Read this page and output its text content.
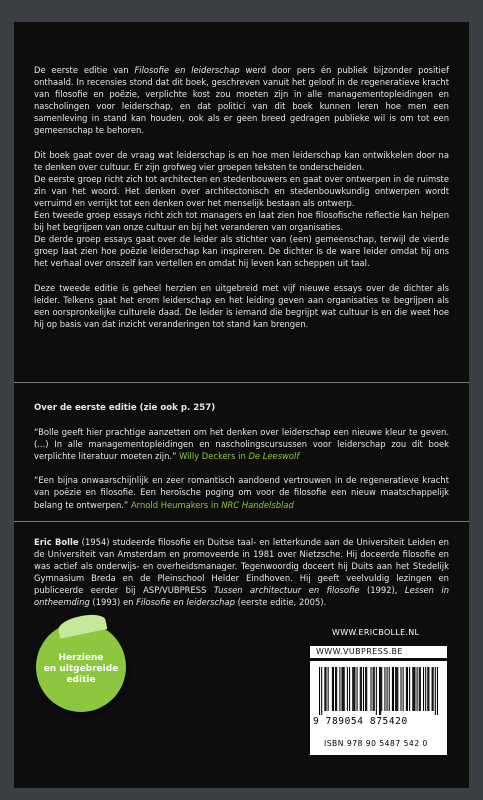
De eerste editie van Filosofie en leiderschap werd door pers én publiek bijzonder positief onthaald. In recensies stond dat dit boek, geschreven vanuit het geloof in de regeneratieve kracht van filosofie en poëzie, verplichte kost zou moeten zijn in alle managementopleidingen en nascholingen voor leiderschap, en dat politici van dit boek kunnen leren hoe men een samenleving in stand kan houden, ook als er geen breed gedragen publieke wil is om tot een gemeenschap te behoren.

Dit boek gaat over de vraag wat leiderschap is en hoe men leiderschap kan ontwikkelen door na te denken over cultuur. Er zijn grofweg vier groepen teksten te onderscheiden.

De eerste groep richt zich tot architecten en stedenbouwers en gaat over ontwerpen in de ruimste zin van het woord. Het denken over architectonisch en stedenbouwkundig ontwerpen wordt verruimd en verrijkt tot een denken over het menselijk bestaan als ontwerp.

Een tweede groep essays richt zich tot managers en laat zien hoe filosofische reflectie kan helpen bij het begrijpen van onze cultuur en bij het veranderen van organisaties.

De derde groep essays gaat over de leider als stichter van (een) gemeenschap, terwijl de vierde groep laat zien hoe poëzie leiderschap kan inspireren. De dichter is de ware leider omdat hij ons het verhaal over onszelf kan vertellen en omdat hij leven kan scheppen uit taal.

Deze tweede editie is geheel herzien en uitgebreid met vijf nieuwe essays over de dichter als leider. Telkens gaat het erom leiderschap en het leiding geven aan organisaties te begrijpen als een oorspronkelijke culturele daad. De leider is iemand die begrijpt wat cultuur is en die weet hoe hij op basis van dat inzicht veranderingen tot stand kan brengen.

Over de eerste editie (zie ook p. 257)

“Bolle geeft hier prachtige aanzetten om het denken over leiderschap een nieuwe kleur te geven. (...) In alle managementopleidingen en nascholingscursussen voor leiderschap zou dit boek verplichte literatuur moeten zijn.” Willy Deckers in De Leeswolf

“Een bijna onwaarschijnlijk en zeer romantisch aandoend vertrouwen in de regeneratieve kracht van poëzie en filosofie. Een heroïsche poging om voor de filosofie een nieuw maatschappelijk belang te ontwerpen.” Arnold Heumakers in NRC Handelsblad

Eric Bolle (1954) studeerde filosofie en Duitse taal- en letterkunde aan de Universiteit Leiden en de Universiteit van Amsterdam en promoveerde in 1981 over Nietzsche. Hij doceerde filosofie en was actief als onderwijs- en overheidsmanager. Tegenwoordig doceert hij Duits aan het Stedelijk Gymnasium Breda en de Pleinschool Helder Eindhoven. Hij geeft veelvuldig lezingen en publiceerde eerder bij ASP/VUBPRESS Tussen architectuur en filosofie (1992), Lessen in ontheemding (1993) en Filosofie en leiderschap (eerste editie, 2005).

WWW.ERICBOLLE.NL
WWW.VUBPRESS.BE
9 789054 875420
ISBN 978 90 5487 542 0
Herziene
en uitgebreide
editie
